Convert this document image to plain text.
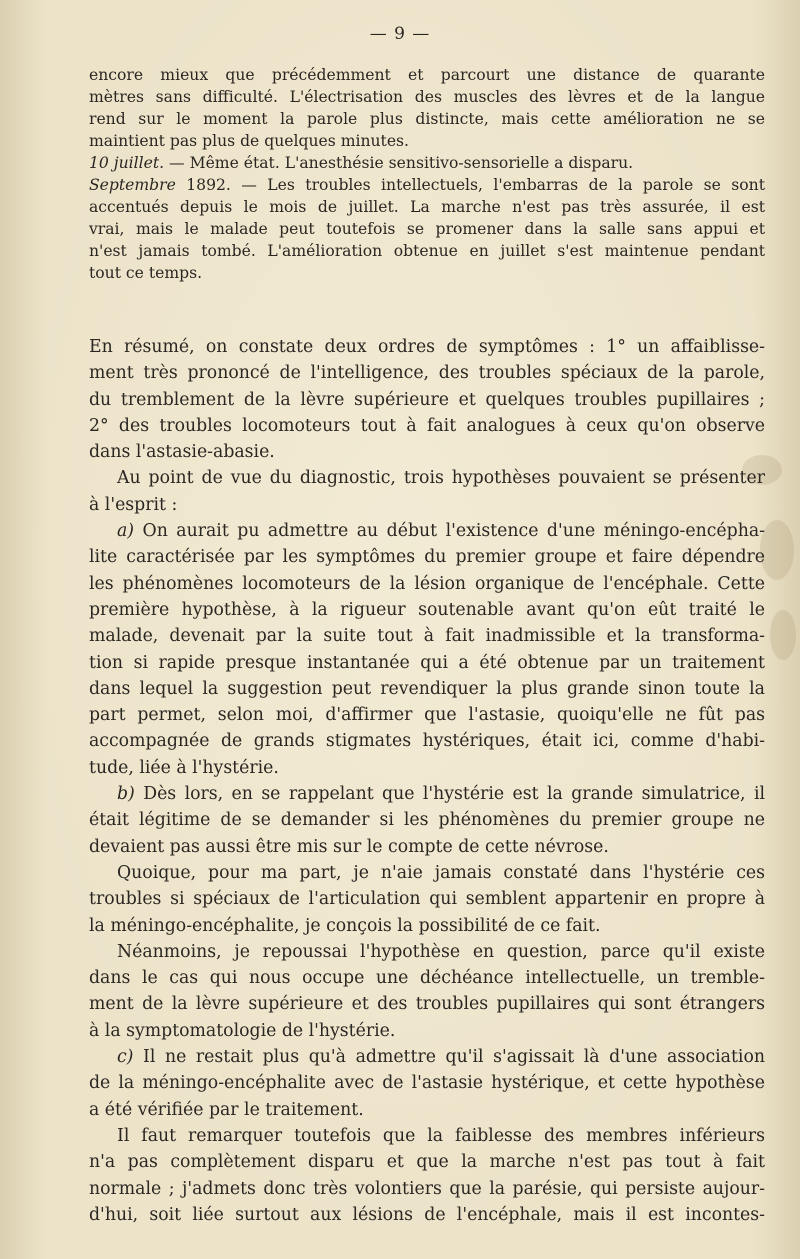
— 9 —

encore mieux que précédemment et parcourt une distance de quarante

mètres sans difficulté. L'électrisation des muscles des lèvres et de la langue

rend sur le moment la parole plus distincte, mais cette amélioration ne se

maintient pas plus de quelques minutes.

10 juillet. — Même état. L'anesthésie sensitivo-sensorielle a disparu.

Septembre 1892. — Les troubles intellectuels, l'embarras de la parole se sont

accentués depuis le mois de juillet. La marche n'est pas très assurée, il est

vrai, mais le malade peut toutefois se promener dans la salle sans appui et

n'est jamais tombé. L'amélioration obtenue en juillet s'est maintenue pendant

tout ce temps.

En résumé, on constate deux ordres de symptômes : 1° un affaiblisse-

ment très prononcé de l'intelligence, des troubles spéciaux de la parole,

du tremblement de la lèvre supérieure et quelques troubles pupillaires ;

2° des troubles locomoteurs tout à fait analogues à ceux qu'on observe

dans l'astasie-abasie.

Au point de vue du diagnostic, trois hypothèses pouvaient se présenter

à l'esprit :

a) On aurait pu admettre au début l'existence d'une méningo-encépha-

lite caractérisée par les symptômes du premier groupe et faire dépendre

les phénomènes locomoteurs de la lésion organique de l'encéphale. Cette

première hypothèse, à la rigueur soutenable avant qu'on eût traité le

malade, devenait par la suite tout à fait inadmissible et la transforma-

tion si rapide presque instantanée qui a été obtenue par un traitement

dans lequel la suggestion peut revendiquer la plus grande sinon toute la

part permet, selon moi, d'affirmer que l'astasie, quoiqu'elle ne fût pas

accompagnée de grands stigmates hystériques, était ici, comme d'habi-

tude, liée à l'hystérie.

b) Dès lors, en se rappelant que l'hystérie est la grande simulatrice, il

était légitime de se demander si les phénomènes du premier groupe ne

devaient pas aussi être mis sur le compte de cette névrose.

Quoique, pour ma part, je n'aie jamais constaté dans l'hystérie ces

troubles si spéciaux de l'articulation qui semblent appartenir en propre à

la méningo-encéphalite, je conçois la possibilité de ce fait.

Néanmoins, je repoussai l'hypothèse en question, parce qu'il existe

dans le cas qui nous occupe une déchéance intellectuelle, un tremble-

ment de la lèvre supérieure et des troubles pupillaires qui sont étrangers

à la symptomatologie de l'hystérie.

c) Il ne restait plus qu'à admettre qu'il s'agissait là d'une association

de la méningo-encéphalite avec de l'astasie hystérique, et cette hypothèse

a été vérifiée par le traitement.

Il faut remarquer toutefois que la faiblesse des membres inférieurs

n'a pas complètement disparu et que la marche n'est pas tout à fait

normale ; j'admets donc très volontiers que la parésie, qui persiste aujour-

d'hui, soit liée surtout aux lésions de l'encéphale, mais il est incontes-
